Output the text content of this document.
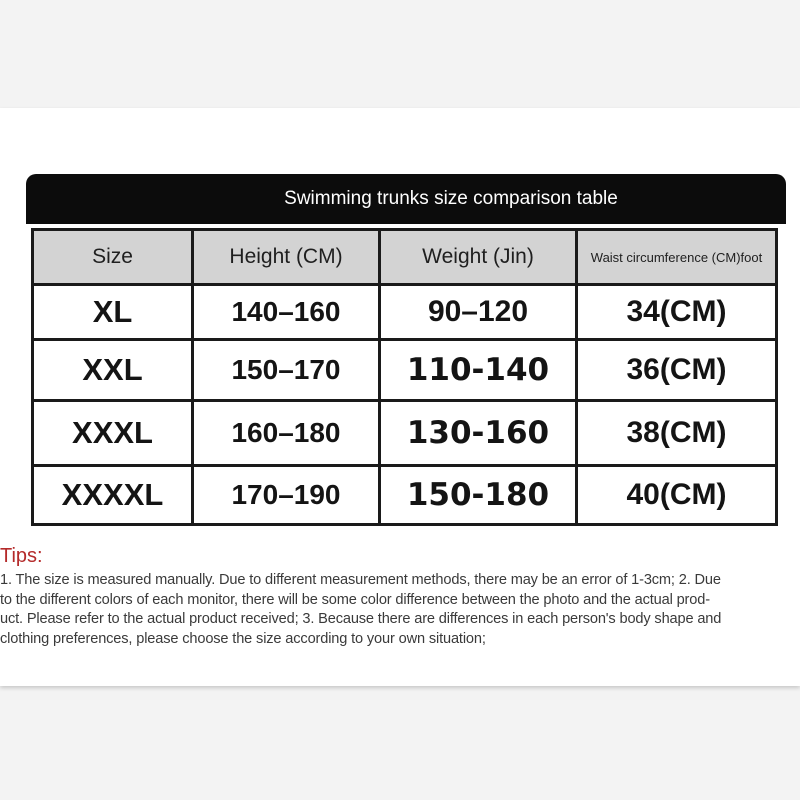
Swimming trunks size comparison table
Size	Height (CM)	Weight (Jin)	Waist circumference (CM)foot
XL	140–160	90–120	34(CM)
XXL	150–170	110-140	36(CM)
XXXL	160–180	130-160	38(CM)
XXXXL	170–190	150-180	40(CM)
Tips:
1. The size is measured manually. Due to different measurement methods, there may be an error of 1-3cm; 2. Due
to the different colors of each monitor, there will be some color difference between the photo and the actual prod-
uct. Please refer to the actual product received; 3. Because there are differences in each person's body shape and
clothing preferences, please choose the size according to your own situation;
